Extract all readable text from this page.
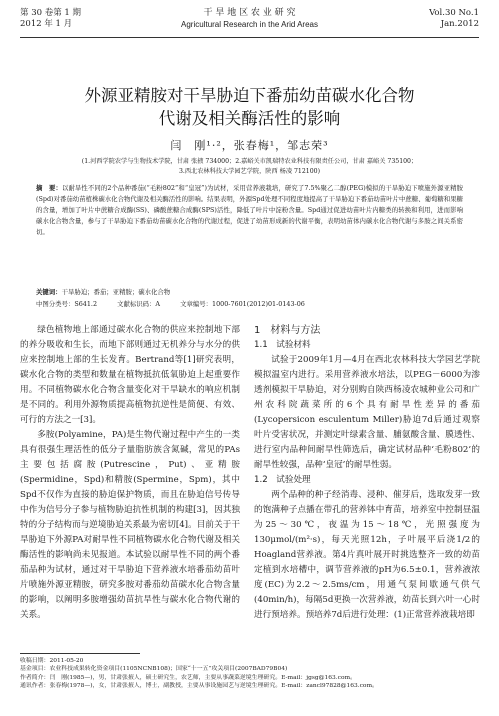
第 30 卷第 1 期
2012 年 1 月
干 旱 地 区 农 业 研 究
Agricultural Research in the Arid Areas
Vol.30 No.1
Jan.2012
外源亚精胺对干旱胁迫下番茄幼苗碳水化合物
代谢及相关酶活性的影响
闫　刚¹·²，张春梅¹，邹志荣³
(1.河西学院农学与生物技术学院，甘肃 张掖 734000；2.嘉峪关市凯瑞特农业科技有限责任公司，甘肃 嘉峪关 735100；
3.西北农林科技大学园艺学院，陕西 杨凌 712100)
摘　要：以耐旱性不同的2个品种番茄(“毛粉802”和“皇冠”)为试材，采用营养液栽培，研究了7.5%聚乙二醇(PEG)模拟的干旱胁迫下喷施外源亚精胺(Spd)对番茄幼苗植株碳水化合物代谢及相关酶活性的影响。结果表明，外源Spd处理不同程度地提高了干旱胁迫下番茄幼苗叶片中蔗糖、葡萄糖和果糖的含量，增加了叶片中蔗糖合成酶(SS)、磷酸蔗糖合成酶(SPS)活性，降低了叶片中淀粉含量。Spd通过促进幼苗叶片内糖类的转换和利用，进而影响碳水化合物含量，参与了干旱胁迫下番茄幼苗碳水化合物的代谢过程，促进了幼苗形成新的代谢平衡，表明幼苗体内碳水化合物代谢与多胺之间关系密切。
关键词：干旱胁迫；番茄；亚精胺；碳水化合物
中图分类号：S641.2	文献标识码：A	文章编号：1000-7601(2012)01-0143-06

绿色植物地上部通过碳水化合物的供应来控制地下部的养分吸收和生长，而地下部则通过无机养分与水分的供应来控制地上部的生长发育。Bertrand等[1]研究表明，碳水化合物的类型和数量在植物抵抗低氧胁迫上起重要作用。不同植物碳水化合物含量变化对干旱缺水的响应机制是不同的。利用外源物质提高植物抗逆性是简便、有效、可行的方法之一[3]。

多胺(Polyamine，PA)是生物代谢过程中产生的一类具有很强生理活性的低分子量脂肪族含氮碱，常见的PAs主要包括腐胺(Putrescine，Put)、亚精胺(Spermidine，Spd)和精胺(Spermine，Spm)，其中Spd不仅作为直接的胁迫保护物质，而且在胁迫信号传导中作为信号分子参与植物胁迫抗性机制的构建[3]，因其独特的分子结构而与逆境胁迫关系最为密切[4]。目前关于干旱胁迫下外源PA对耐旱性不同植物碳水化合物代谢及相关酶活性的影响尚未见报道。本试验以耐旱性不同的两个番茄品种为试材，通过对干旱胁迫下营养液水培番茄幼苗叶片喷施外源亚精胺，研究多胺对番茄幼苗碳水化合物含量的影响，以阐明多胺增强幼苗抗旱性与碳水化合物代谢的关系。

1　材料与方法

1.1　试验材料

试验于2009年1月—4月在西北农林科技大学园艺学院模拟温室内进行。采用营养液水培法，以PEG－6000为渗透剂模拟干旱胁迫，对分别购自陕西杨凌农城种业公司和广州农科院蔬菜所的6个具有耐旱性差异的番茄(Lycopersicon esculentum Miller)胁迫7d后通过观察叶片受害状况，并测定叶绿素含量、脯氨酸含量、膜透性、进行室内品种间耐旱性筛选后，确定试材品种‘毛粉802’的耐旱性较强，品种‘皇冠’的耐旱性弱。

1.2　试验处理

两个品种的种子经消毒、浸种、催芽后，选取发芽一致的饱满种子点播在带孔的营养钵中育苗，培养室中控制昼温为25～30℃，夜温为15～18℃，光照强度为130μmol/(m²·s)，每天光照12h，子叶展平后浇1/2的Hoagland营养液。第4片真叶展开时挑选整齐一致的幼苗定植到水培槽中，调节营养液的pH为6.5±0.1，营养液浓度(EC)为2.2～2.5ms/cm，用通气泵间歇通气供气(40min/h)，每隔5d更换一次营养液，幼苗长到六叶一心时进行预培养。预培养7d后进行处理：(1)正常营养液栽培即

收稿日期：2011-05-20
基金项目：农业科技成果转化资金项目(1105NCNB108)；国家“十一五”攻关项目(2007BAD79B04)
作者简介：闫　刚(1985—)，男，甘肃张掖人，硕士研究生，农艺师，主要从事蔬菜逆境生理研究。E-mail：jgsg@163.com。
通讯作者：张春梅(1978—)，女，甘肃张掖人，博士，副教授，主要从事设施园艺与逆境生理研究。E-mail：zancl97828@163.com。
